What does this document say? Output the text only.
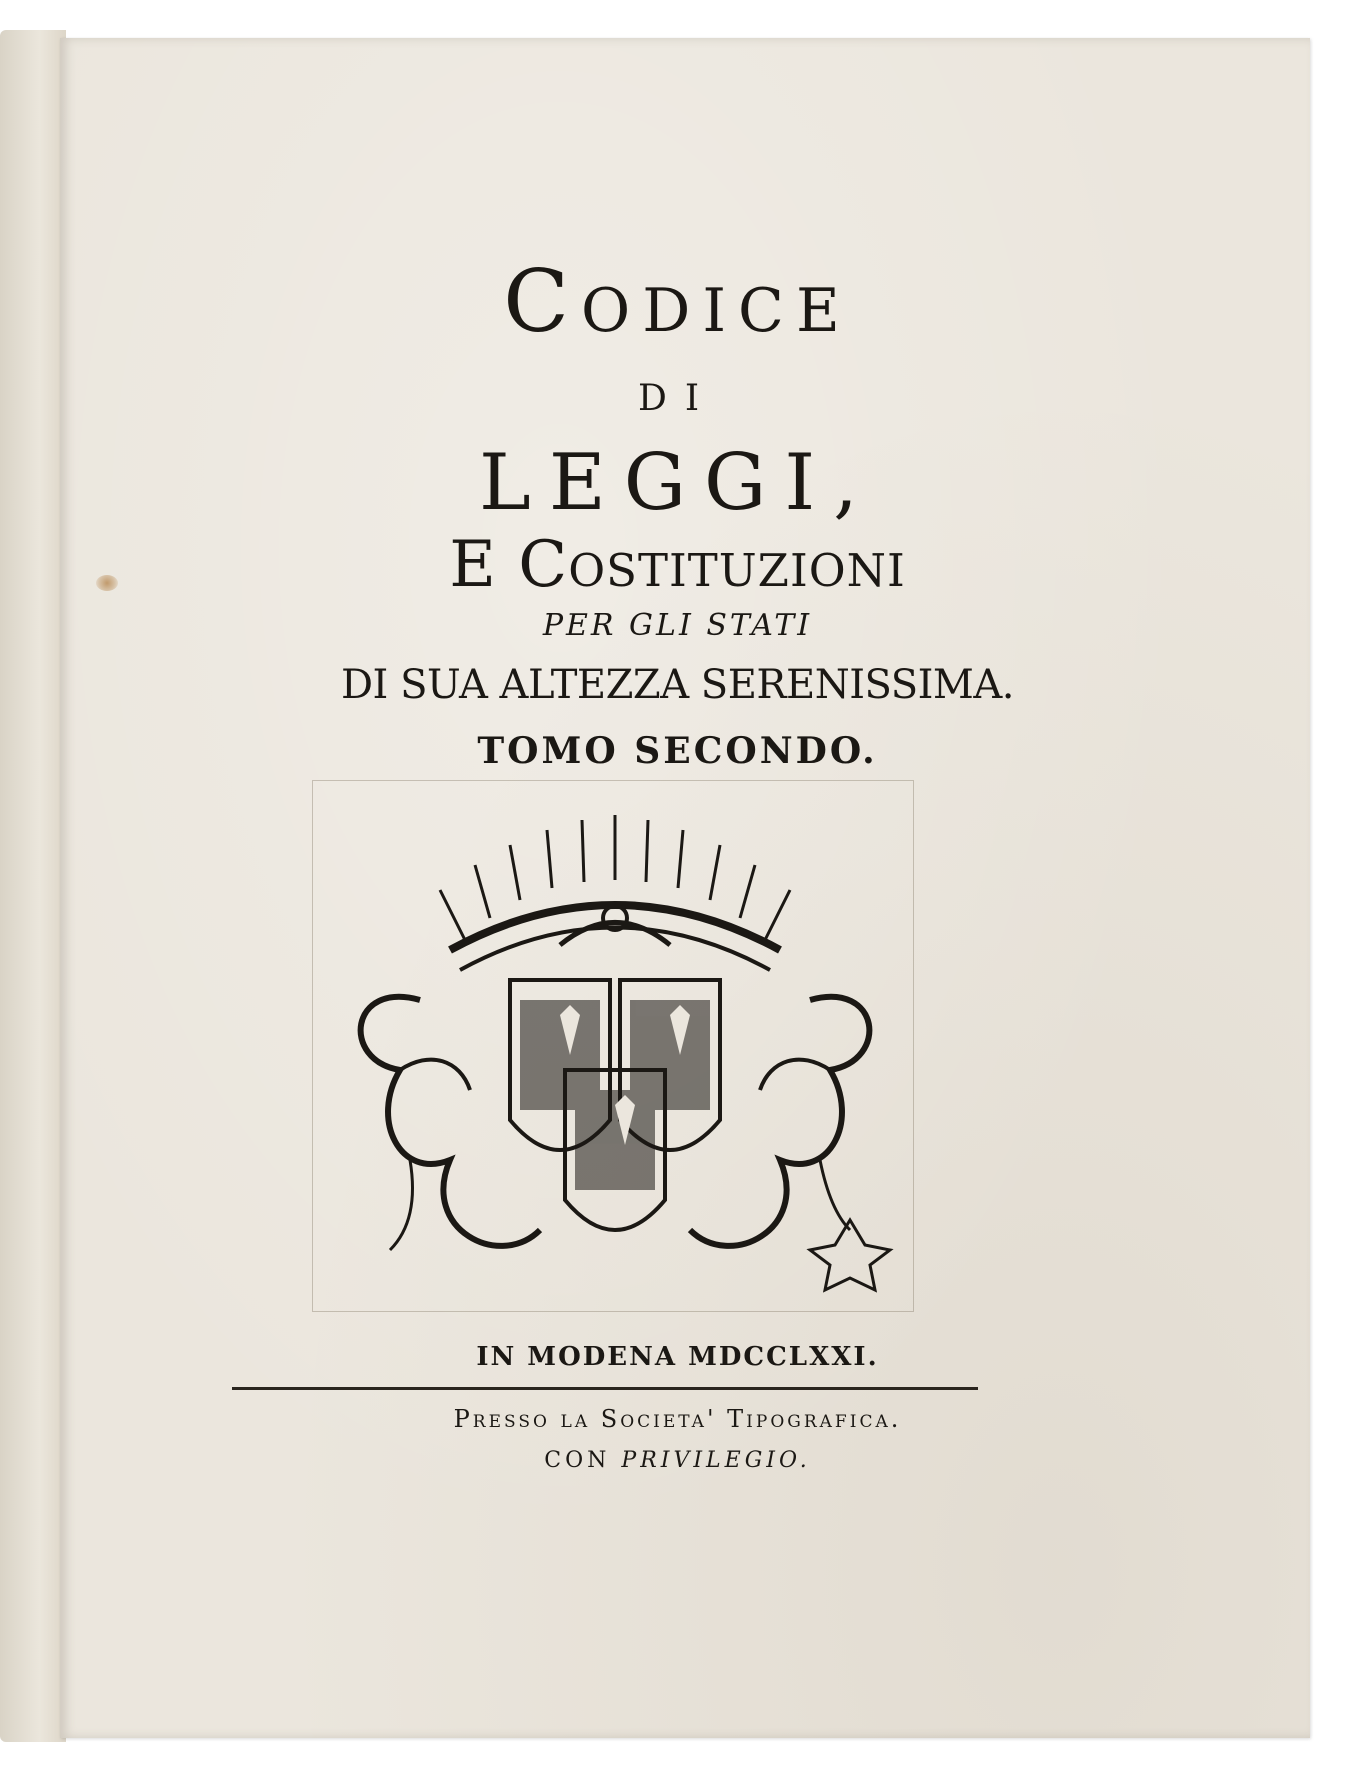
Codice
DI
LEGGI,
E Costituzioni
PER GLI STATI
DI SUA ALTEZZA SERENISSIMA.
TOMO SECONDO.
IN MODENA MDCCLXXI.
Presso la Societa' Tipografica.
CON PRIVILEGIO.
